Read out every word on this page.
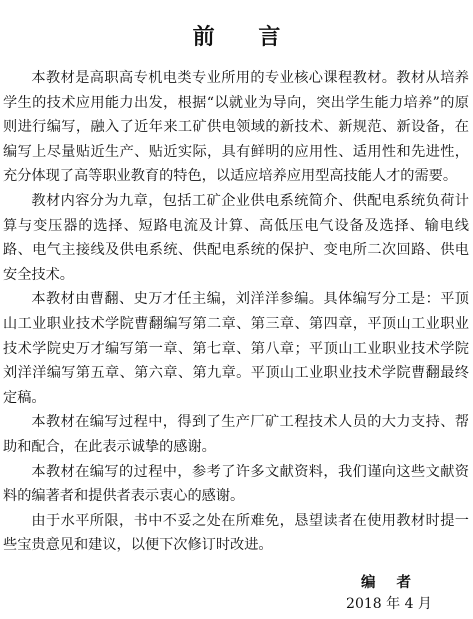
前 言

本教材是高职高专机电类专业所用的专业核心课程教材。教材从培养学生的技术应用能力出发，根据“以就业为导向，突出学生能力培养”的原则进行编写，融入了近年来工矿供电领域的新技术、新规范、新设备，在编写上尽量贴近生产、贴近实际，具有鲜明的应用性、适用性和先进性，充分体现了高等职业教育的特色，以适应培养应用型高技能人才的需要。

教材内容分为九章，包括工矿企业供电系统简介、供配电系统负荷计算与变压器的选择、短路电流及计算、高低压电气设备及选择、输电线路、电气主接线及供电系统、供配电系统的保护、变电所二次回路、供电安全技术。

本教材由曹翻、史万才任主编，刘洋洋参编。具体编写分工是：平顶山工业职业技术学院曹翻编写第二章、第三章、第四章，平顶山工业职业技术学院史万才编写第一章、第七章、第八章；平顶山工业职业技术学院刘洋洋编写第五章、第六章、第九章。平顶山工业职业技术学院曹翻最终定稿。

本教材在编写过程中，得到了生产厂矿工程技术人员的大力支持、帮助和配合，在此表示诚挚的感谢。

本教材在编写的过程中，参考了许多文献资料，我们谨向这些文献资料的编著者和提供者表示衷心的感谢。

由于水平所限，书中不妥之处在所难免，恳望读者在使用教材时提一些宝贵意见和建议，以便下次修订时改进。

编 者
2018 年 4 月
